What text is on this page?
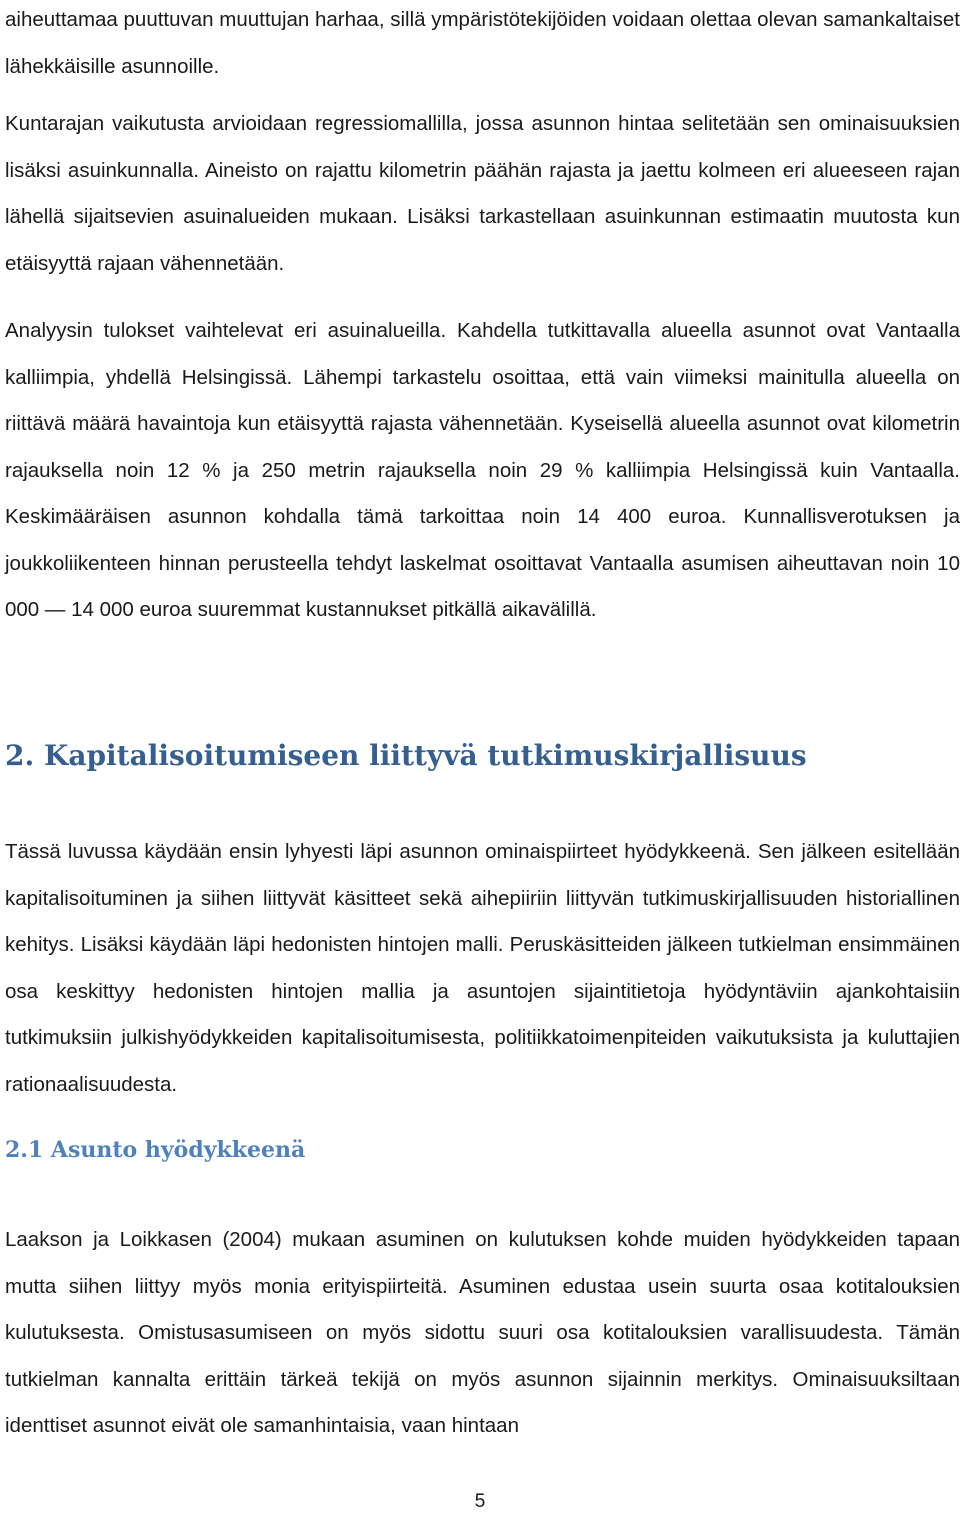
aiheuttamaa puuttuvan muuttujan harhaa, sillä ympäristötekijöiden voidaan olettaa olevan samankaltaiset lähekkäisille asunnoille.

Kuntarajan vaikutusta arvioidaan regressiomallilla, jossa asunnon hintaa selitetään sen ominaisuuksien lisäksi asuinkunnalla. Aineisto on rajattu kilometrin päähän rajasta ja jaettu kolmeen eri alueeseen rajan lähellä sijaitsevien asuinalueiden mukaan. Lisäksi tarkastellaan asuinkunnan estimaatin muutosta kun etäisyyttä rajaan vähennetään.

Analyysin tulokset vaihtelevat eri asuinalueilla. Kahdella tutkittavalla alueella asunnot ovat Vantaalla kalliimpia, yhdellä Helsingissä. Lähempi tarkastelu osoittaa, että vain viimeksi mainitulla alueella on riittävä määrä havaintoja kun etäisyyttä rajasta vähennetään. Kyseisellä alueella asunnot ovat kilometrin rajauksella noin 12 % ja 250 metrin rajauksella noin 29 % kalliimpia Helsingissä kuin Vantaalla. Keskimääräisen asunnon kohdalla tämä tarkoittaa noin 14 400 euroa. Kunnallisverotuksen ja joukkoliikenteen hinnan perusteella tehdyt laskelmat osoittavat Vantaalla asumisen aiheuttavan noin 10 000 — 14 000 euroa suuremmat kustannukset pitkällä aikavälillä.

2. Kapitalisoitumiseen liittyvä tutkimuskirjallisuus

Tässä luvussa käydään ensin lyhyesti läpi asunnon ominaispiirteet hyödykkeenä. Sen jälkeen esitellään kapitalisoituminen ja siihen liittyvät käsitteet sekä aihepiiriin liittyvän tutkimuskirjallisuuden historiallinen kehitys. Lisäksi käydään läpi hedonisten hintojen malli. Peruskäsitteiden jälkeen tutkielman ensimmäinen osa keskittyy hedonisten hintojen mallia ja asuntojen sijaintitietoja hyödyntäviin ajankohtaisiin tutkimuksiin julkishyödykkeiden kapitalisoitumisesta, politiikkatoimenpiteiden vaikutuksista ja kuluttajien rationaalisuudesta.

2.1 Asunto hyödykkeenä

Laakson ja Loikkasen (2004) mukaan asuminen on kulutuksen kohde muiden hyödykkeiden tapaan mutta siihen liittyy myös monia erityispiirteitä. Asuminen edustaa usein suurta osaa kotitalouksien kulutuksesta. Omistusasumiseen on myös sidottu suuri osa kotitalouksien varallisuudesta. Tämän tutkielman kannalta erittäin tärkeä tekijä on myös asunnon sijainnin merkitys. Ominaisuuksiltaan identtiset asunnot eivät ole samanhintaisia, vaan hintaan

5
